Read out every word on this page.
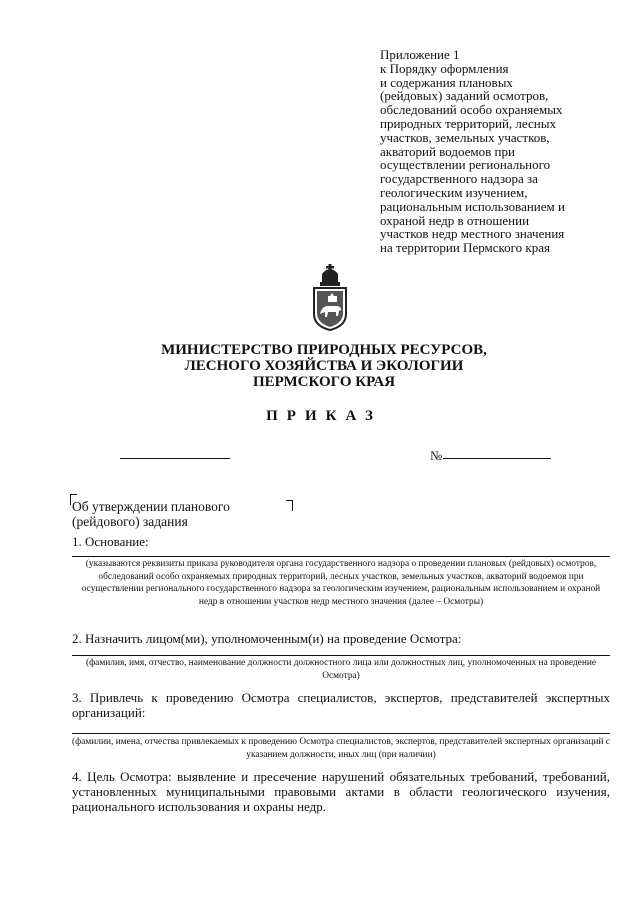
Приложение 1
к Порядку оформления
и содержания плановых
(рейдовых) заданий осмотров,
обследований особо охраняемых
природных территорий, лесных
участков, земельных участков,
акваторий водоемов при
осуществлении регионального
государственного надзора за
геологическим изучением,
рациональным использованием и
охраной недр в отношении
участков недр местного значения
на территории Пермского края
МИНИСТЕРСТВО ПРИРОДНЫХ РЕСУРСОВ,
ЛЕСНОГО ХОЗЯЙСТВА И ЭКОЛОГИИ
ПЕРМСКОГО КРАЯ
ПРИКАЗ
№
Об утверждении планового
(рейдового) задания
1. Основание:
(указываются реквизиты приказа руководителя органа государственного надзора о проведении плановых (рейдовых) осмотров, обследований особо охраняемых природных территорий, лесных участков, земельных участков, акваторий водоемов при осуществлении регионального государственного надзора за геологическим изучением, рациональным использованием и охраной недр в отношении участков недр местного значения (далее – Осмотры)
2. Назначить лицом(ми), уполномоченным(и) на проведение Осмотра:
(фамилия, имя, отчество, наименование должности должностного лица или должностных лиц, уполномоченных на проведение Осмотра)
3. Привлечь к проведению Осмотра специалистов, экспертов, представителей экспертных организаций:
(фамилии, имена, отчества привлекаемых к проведению Осмотра специалистов, экспертов, представителей экспертных организаций с указанием должности, иных лиц (при наличии)
4. Цель Осмотра: выявление и пресечение нарушений обязательных требований, требований, установленных муниципальными правовыми актами в области геологического изучения, рационального использования и охраны недр.
